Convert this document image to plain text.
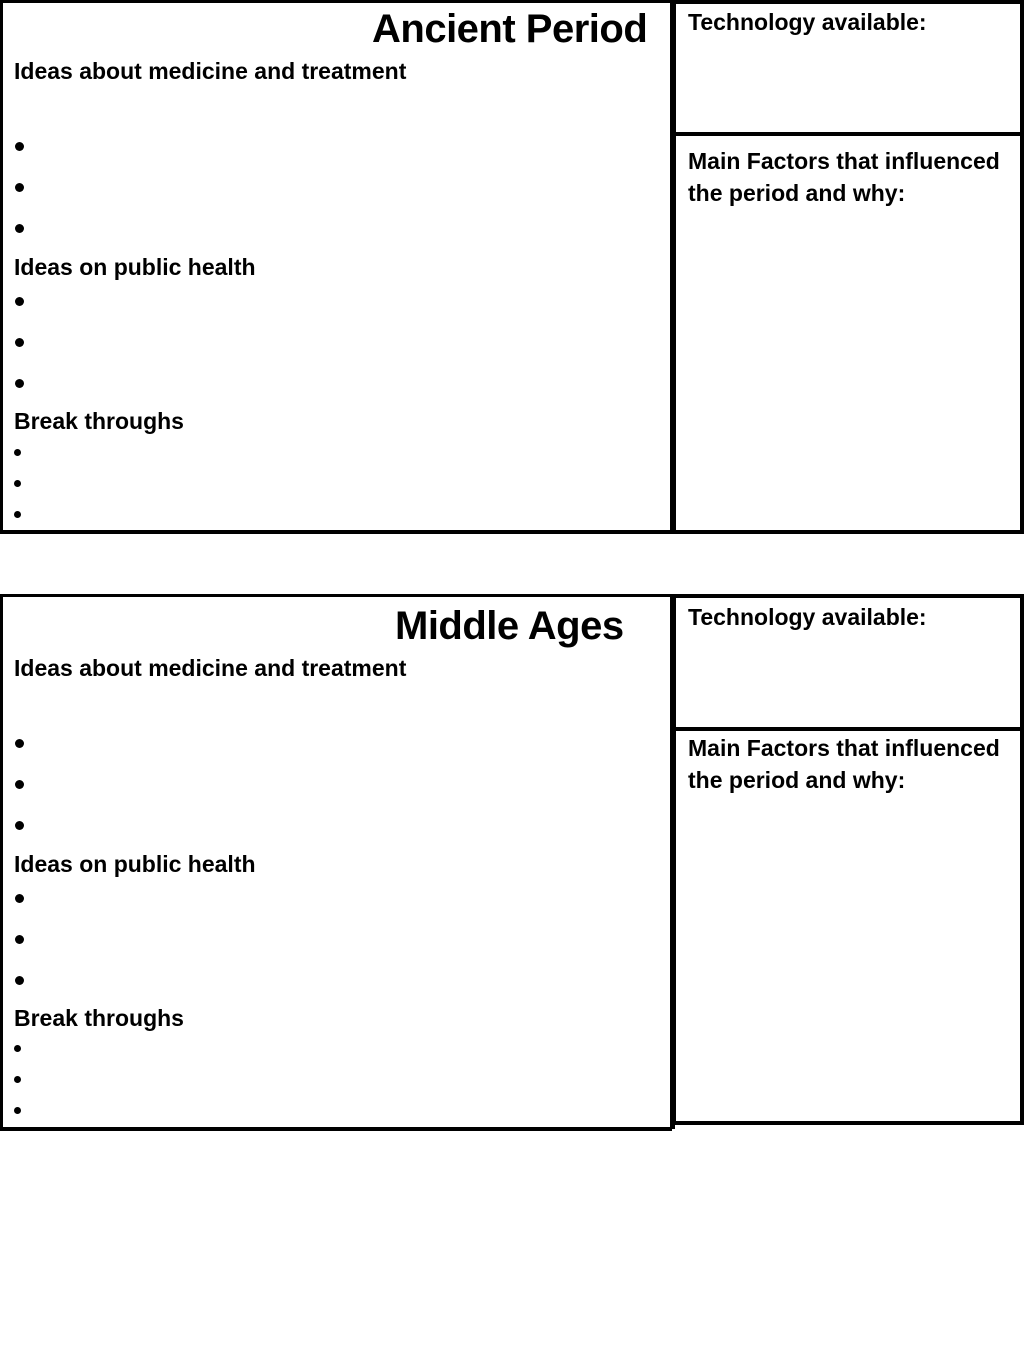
Ancient Period
Ideas about medicine and treatment
Ideas on public health
Break throughs
Technology available:
Main Factors that influenced the period and why:
Middle Ages
Ideas about medicine and treatment
Ideas on public health
Break throughs
Technology available:
Main Factors that influenced the period and why:
